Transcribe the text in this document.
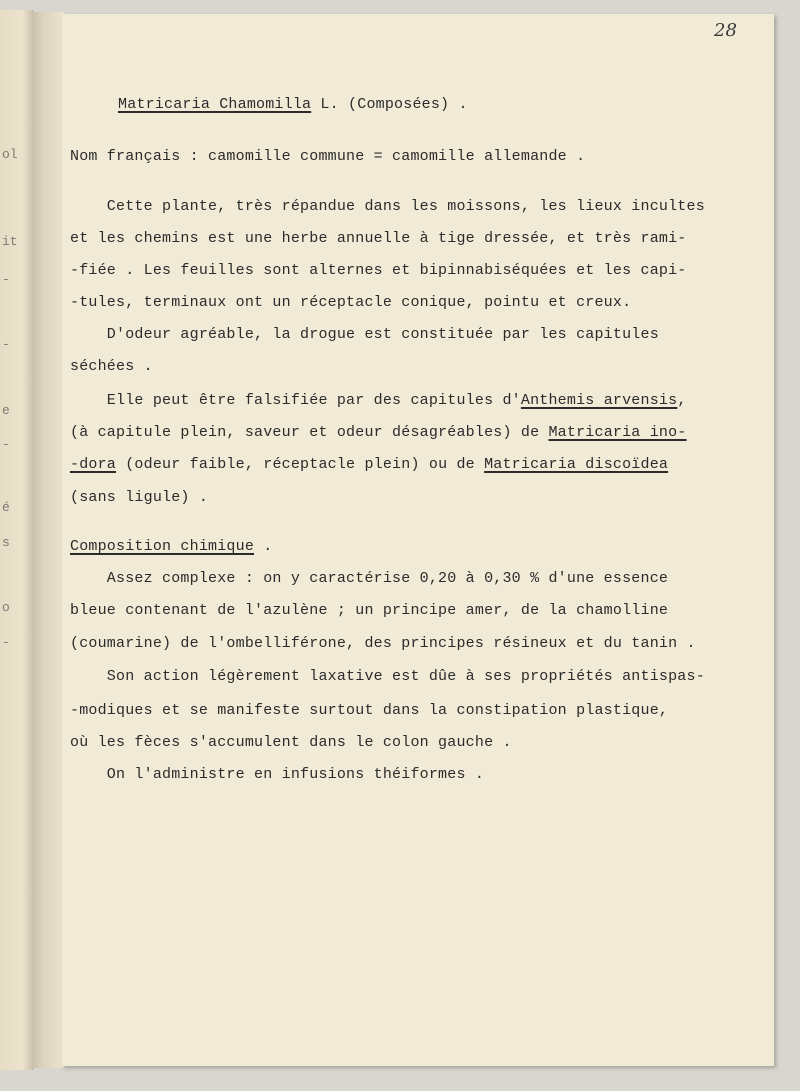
ol
it
-
-
e
-
é
s
o
-
28
Matricaria Chamomilla L. (Composées) .
Nom français : camomille commune = camomille allemande .
Cette plante, très répandue dans les moissons, les lieux incultes
et les chemins est une herbe annuelle à tige dressée, et très rami-
-fiée . Les feuilles sont alternes et bipinnabiséquées et les capi-
-tules, terminaux ont un réceptacle conique, pointu et creux.
D'odeur agréable, la drogue est constituée par les capitules
séchées .
Elle peut être falsifiée par des capitules d'Anthemis arvensis,
(à capitule plein, saveur et odeur désagréables) de Matricaria ino-
-dora (odeur faible, réceptacle plein) ou de Matricaria discoïdea
(sans ligule) .
Composition chimique .
Assez complexe : on y caractérise 0,20 à 0,30 % d'une essence
bleue contenant de l'azulène ; un principe amer, de la chamolline
(coumarine) de l'ombelliférone, des principes résineux et du tanin .
Son action légèrement laxative est dûe à ses propriétés antispas-
-modiques et se manifeste surtout dans la constipation plastique,
où les fèces s'accumulent dans le colon gauche .
On l'administre en infusions théiformes .
